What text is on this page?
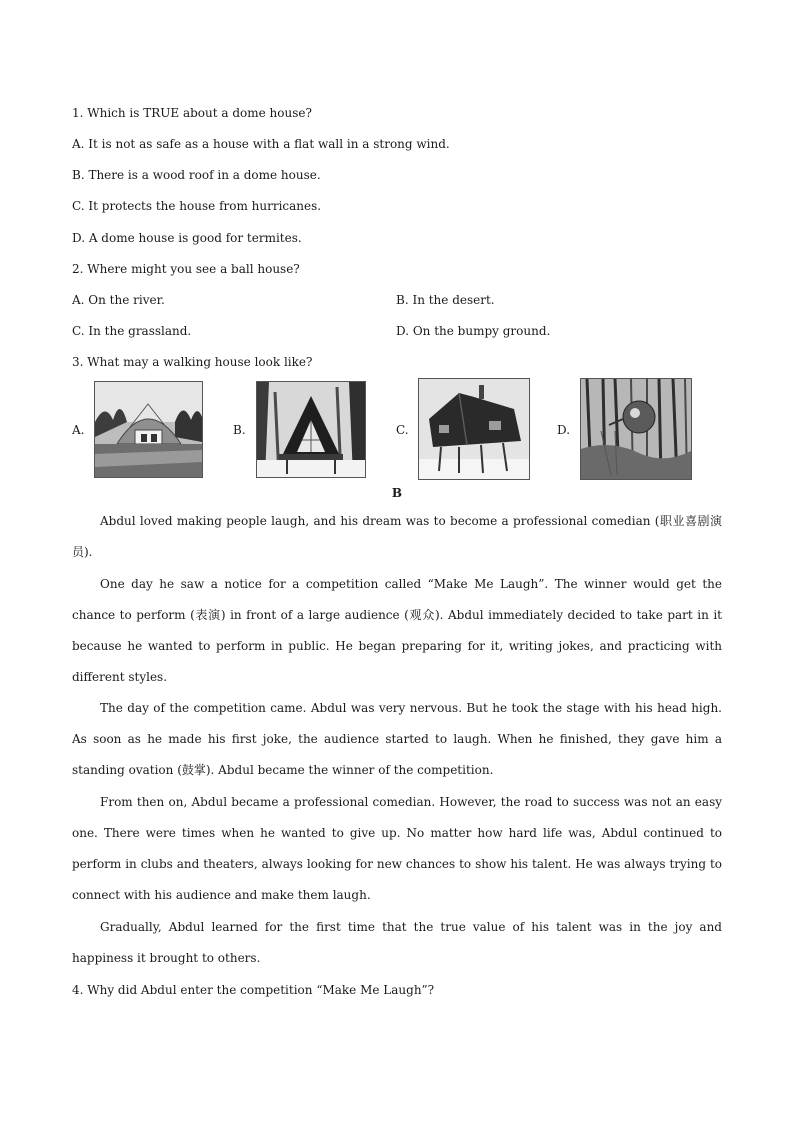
1. Which is TRUE about a dome house?
A. It is not as safe as a house with a flat wall in a strong wind.
B. There is a wood roof in a dome house.
C. It protects the house from hurricanes.
D. A dome house is good for termites.
2. Where might you see a ball house?
A. On the river.	B. In the desert.
C. In the grassland.	D. On the bumpy ground.
3. What may a walking house look like?
A.	B.	C.	D.
B
Abdul loved making people laugh, and his dream was to become a professional comedian (职业喜剧演员).
One day he saw a notice for a competition called “Make Me Laugh”. The winner would get the chance to perform (表演) in front of a large audience (观众). Abdul immediately decided to take part in it because he wanted to perform in public. He began preparing for it, writing jokes, and practicing with different styles.
The day of the competition came. Abdul was very nervous. But he took the stage with his head high. As soon as he made his first joke, the audience started to laugh. When he finished, they gave him a standing ovation (鼓掌). Abdul became the winner of the competition.
From then on, Abdul became a professional comedian. However, the road to success was not an easy one. There were times when he wanted to give up. No matter how hard life was, Abdul continued to perform in clubs and theaters, always looking for new chances to show his talent. He was always trying to connect with his audience and make them laugh.
Gradually, Abdul learned for the first time that the true value of his talent was in the joy and happiness it brought to others.
4. Why did Abdul enter the competition “Make Me Laugh”?
